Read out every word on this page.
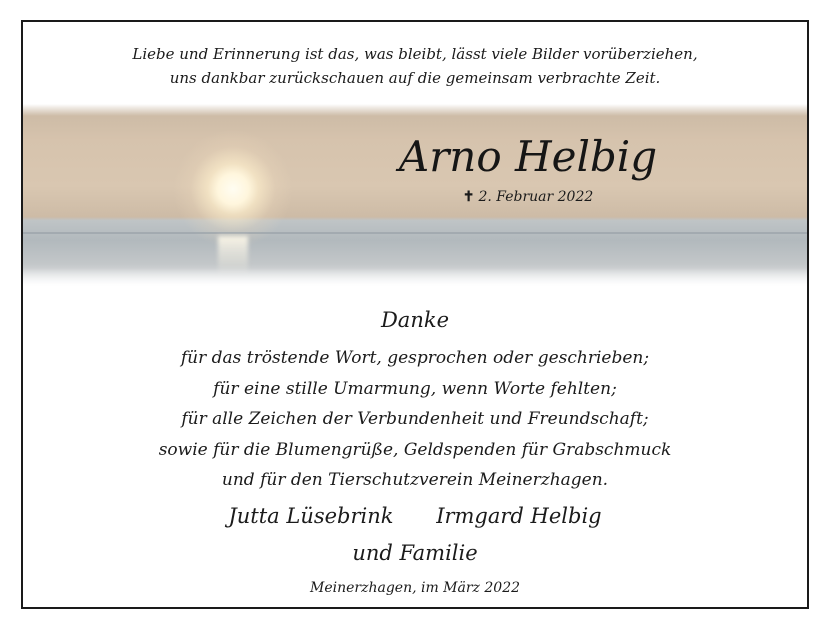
Liebe und Erinnerung ist das, was bleibt, lässt viele Bilder vorüberziehen,
uns dankbar zurückschauen auf die gemeinsam verbrachte Zeit.
Arno Helbig
✝ 2. Februar 2022
Danke
für das tröstende Wort, gesprochen oder geschrieben;
für eine stille Umarmung, wenn Worte fehlten;
für alle Zeichen der Verbundenheit und Freundschaft;
sowie für die Blumengrüße, Geldspenden für Grabschmuck
und für den Tierschutzverein Meinerzhagen.
Jutta Lüsebrink Irmgard Helbig
und Familie
Meinerzhagen, im März 2022
